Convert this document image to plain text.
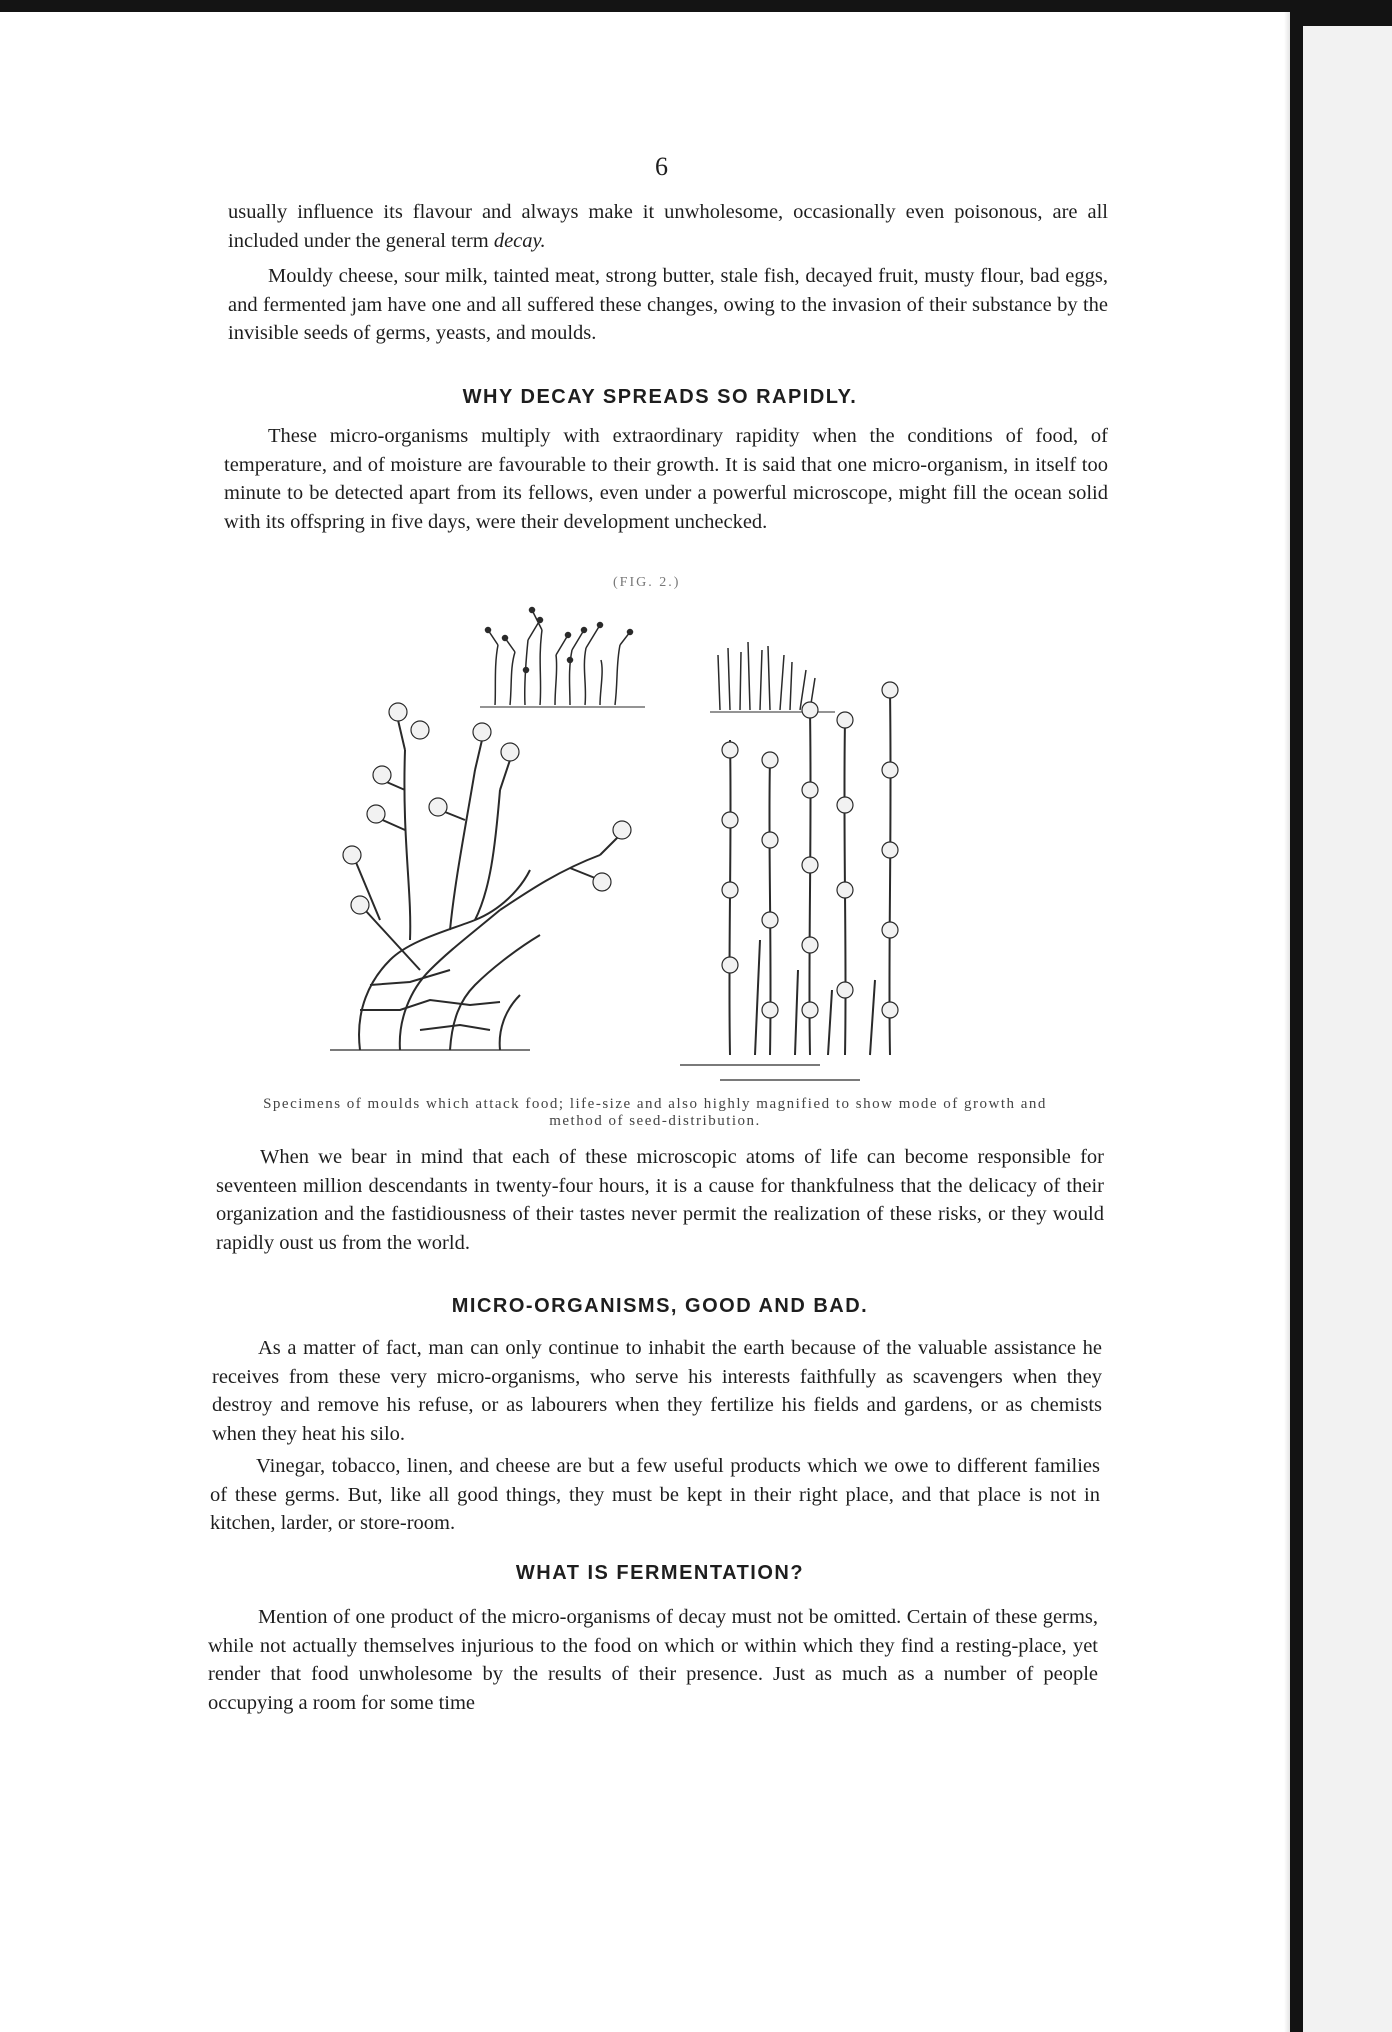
6

usually influence its flavour and always make it unwholesome, occasionally even poisonous, are all included under the general term decay.

Mouldy cheese, sour milk, tainted meat, strong butter, stale fish, decayed fruit, musty flour, bad eggs, and fermented jam have one and all suffered these changes, owing to the invasion of their substance by the invisible seeds of germs, yeasts, and moulds.

WHY DECAY SPREADS SO RAPIDLY.

These micro-organisms multiply with extraordinary rapidity when the conditions of food, of temperature, and of moisture are favourable to their growth. It is said that one micro-organism, in itself too minute to be detected apart from its fellows, even under a powerful microscope, might fill the ocean solid with its offspring in five days, were their development unchecked.

(FIG. 2.)
Specimens of moulds which attack food; life-size and also highly magnified to show mode of growth and method of seed-distribution.

When we bear in mind that each of these microscopic atoms of life can become responsible for seventeen million descendants in twenty-four hours, it is a cause for thankfulness that the delicacy of their organization and the fastidiousness of their tastes never permit the realization of these risks, or they would rapidly oust us from the world.

MICRO-ORGANISMS, GOOD AND BAD.

As a matter of fact, man can only continue to inhabit the earth because of the valuable assistance he receives from these very micro-organisms, who serve his interests faithfully as scavengers when they destroy and remove his refuse, or as labourers when they fertilize his fields and gardens, or as chemists when they heat his silo.

Vinegar, tobacco, linen, and cheese are but a few useful products which we owe to different families of these germs. But, like all good things, they must be kept in their right place, and that place is not in kitchen, larder, or store-room.

WHAT IS FERMENTATION?

Mention of one product of the micro-organisms of decay must not be omitted. Certain of these germs, while not actually themselves injurious to the food on which or within which they find a resting-place, yet render that food unwholesome by the results of their presence. Just as much as a number of people occupying a room for some time
